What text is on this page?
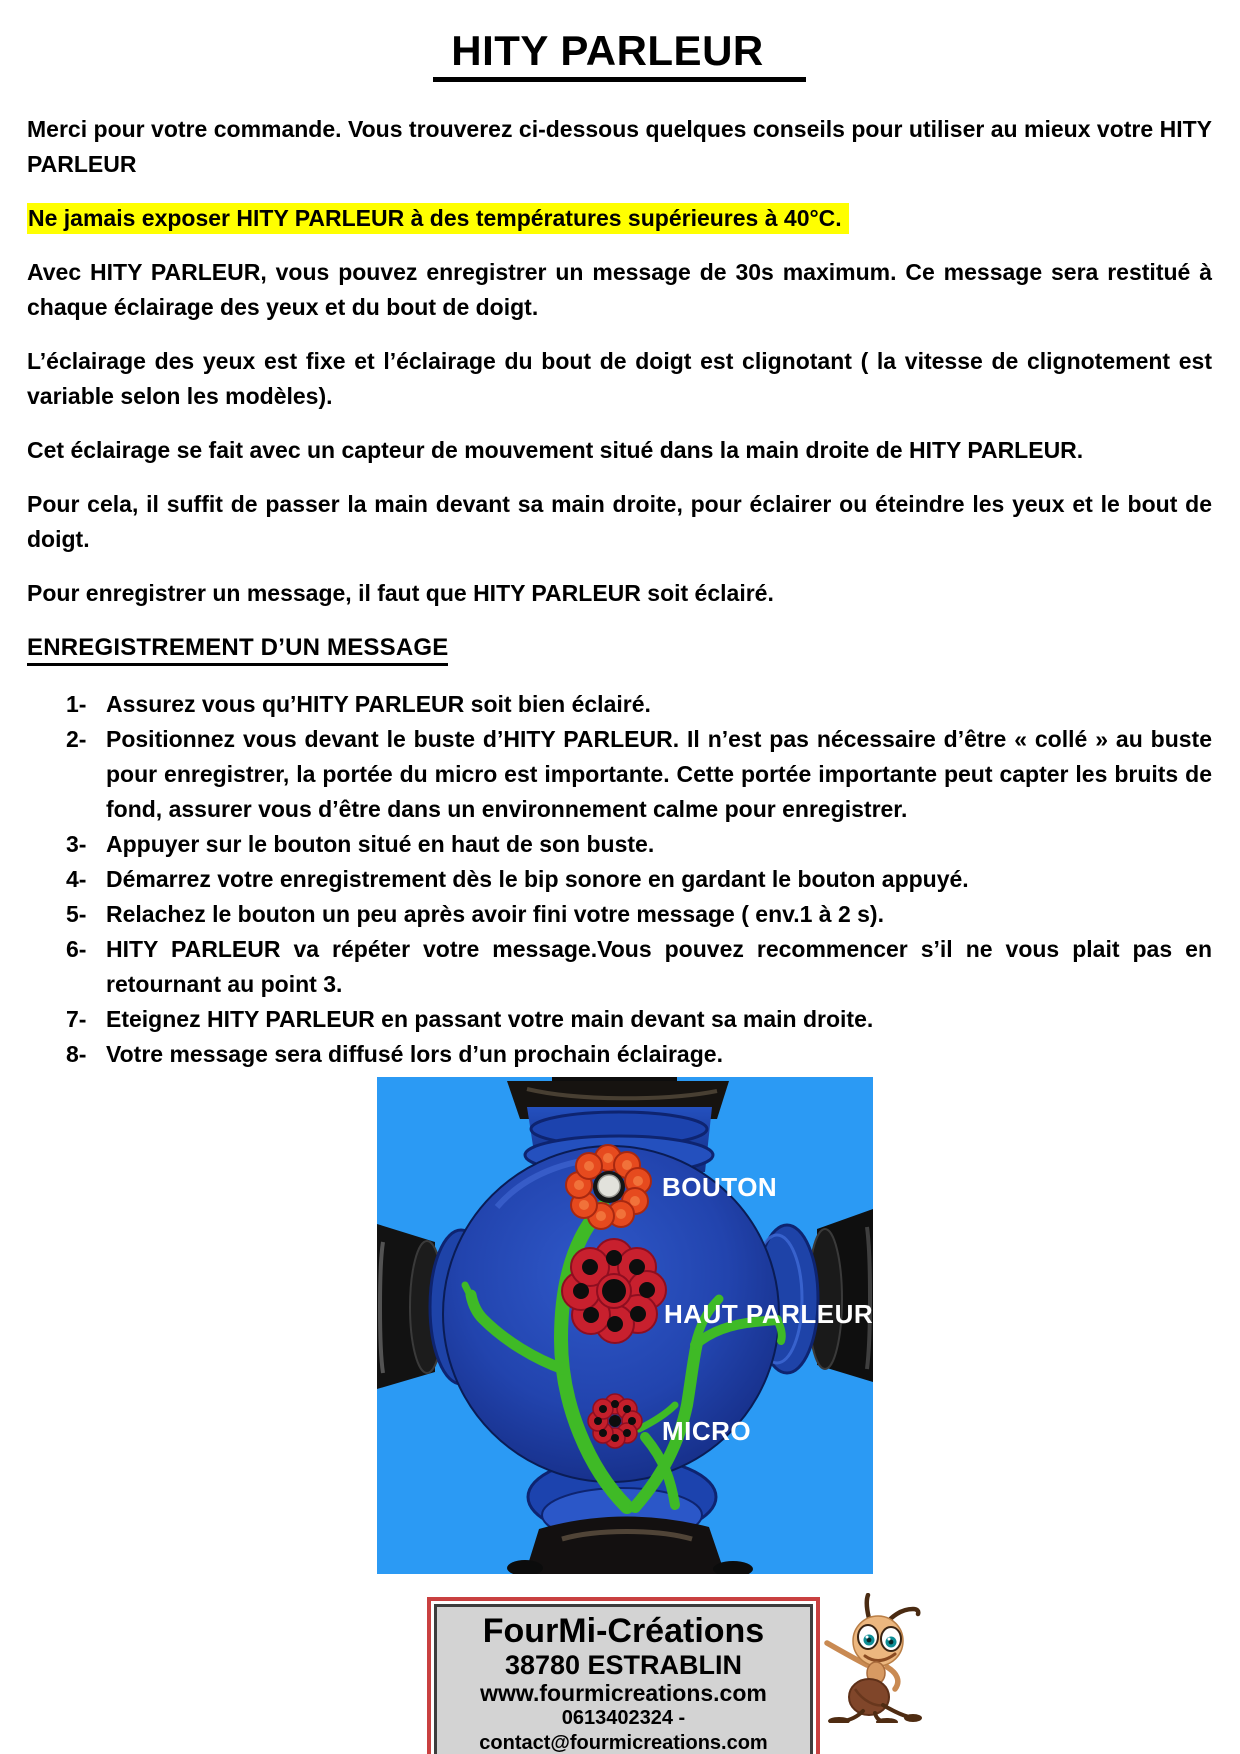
HITY PARLEUR

Merci pour votre commande. Vous trouverez ci-dessous quelques conseils pour utiliser au mieux votre HITY PARLEUR

Ne jamais exposer HITY PARLEUR à des températures supérieures à 40°C.

Avec HITY PARLEUR, vous pouvez enregistrer un message de 30s maximum. Ce message sera restitué à chaque éclairage des yeux et du bout de doigt.

L’éclairage des yeux est fixe et l’éclairage du bout de doigt est clignotant ( la vitesse de clignotement est variable selon les modèles).

Cet éclairage se fait avec un capteur de mouvement situé dans la main droite de HITY PARLEUR.

Pour cela, il suffit de passer la main devant sa main droite, pour éclairer ou éteindre les yeux et le bout de doigt.

Pour enregistrer un message, il faut que HITY PARLEUR soit éclairé.

ENREGISTREMENT D’UN MESSAGE
1- Assurez vous qu’HITY PARLEUR soit bien éclairé.
2- Positionnez vous devant le buste d’HITY PARLEUR. Il n’est pas nécessaire d’être « collé » au buste pour enregistrer, la portée du micro est importante. Cette portée importante peut capter les bruits de fond, assurer vous d’être dans un environnement calme pour enregistrer.
3- Appuyer sur le bouton situé en haut de son buste.
4- Démarrez votre enregistrement dès le bip sonore en gardant le bouton appuyé.
5- Relachez le bouton un peu après avoir fini votre message ( env.1 à 2 s).
6- HITY PARLEUR va répéter votre message.Vous pouvez recommencer s’il ne vous plait pas en retournant au point 3.
7- Eteignez HITY PARLEUR en passant votre main devant sa main droite.
8- Votre message sera diffusé lors d’un prochain éclairage.
BOUTON
HAUT PARLEUR
MICRO
FourMi-Créations
38780 ESTRABLIN
www.fourmicreations.com
0613402324 - contact@fourmicreations.com
